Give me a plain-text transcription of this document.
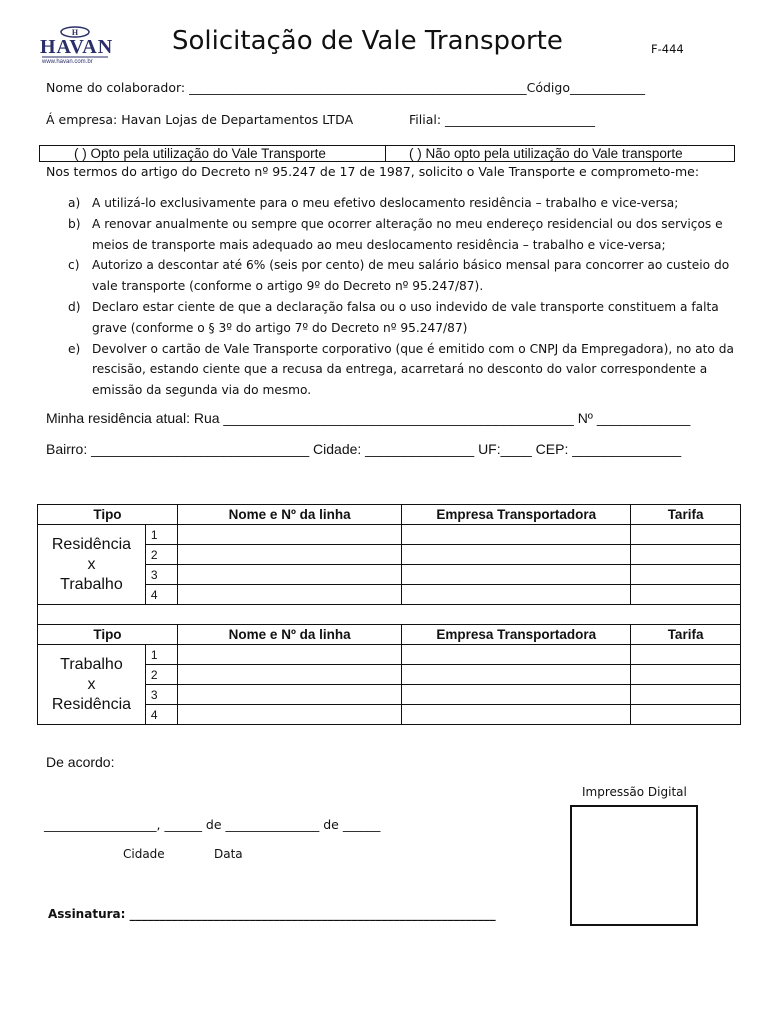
H
HAVAN
www.havan.com.br
Solicitação de Vale Transporte	F-444
Nome do colaborador: ______________________________________________________Código____________
Á empresa: Havan Lojas de Departamentos LTDA	Filial: ________________________
( ) Opto pela utilização do Vale Transporte	( ) Não opto pela utilização do Vale transporte
Nos termos do artigo do Decreto nº 95.247 de 17 de 1987, solicito o Vale Transporte e comprometo-me:
a) A utilizá-lo exclusivamente para o meu efetivo deslocamento residência – trabalho e vice-versa;
b) A renovar anualmente ou sempre que ocorrer alteração no meu endereço residencial ou dos serviços e meios de transporte mais adequado ao meu deslocamento residência – trabalho e vice-versa;
c) Autorizo a descontar até 6% (seis por cento) de meu salário básico mensal para concorrer ao custeio do vale transporte (conforme o artigo 9º do Decreto nº 95.247/87).
d) Declaro estar ciente de que a declaração falsa ou o uso indevido de vale transporte constituem a falta grave (conforme o § 3º do artigo 7º do Decreto nº 95.247/87)
e) Devolver o cartão de Vale Transporte corporativo (que é emitido com o CNPJ da Empregadora), no ato da rescisão, estando ciente que a recusa da entrega, acarretará no desconto do valor correspondente a emissão da segunda via do mesmo.
Minha residência atual: Rua _____________________________________________ Nº ____________
Bairro: ____________________________ Cidade: ______________ UF:____ CEP: ______________
Tipo		Nome e Nº da linha	Empresa Transportadora	Tarifa

Residência
x
Trabalho	1			
	2			
	3			
	4			

Tipo		Nome e Nº da linha	Empresa Transportadora	Tarifa

Trabalho
x
Residência	1			
	2			
	3			
	4			
De acordo:
Impressão Digital
__________________, ______ de _______________ de ______
Cidade	Data
Assinatura: _____________________________________________________________
